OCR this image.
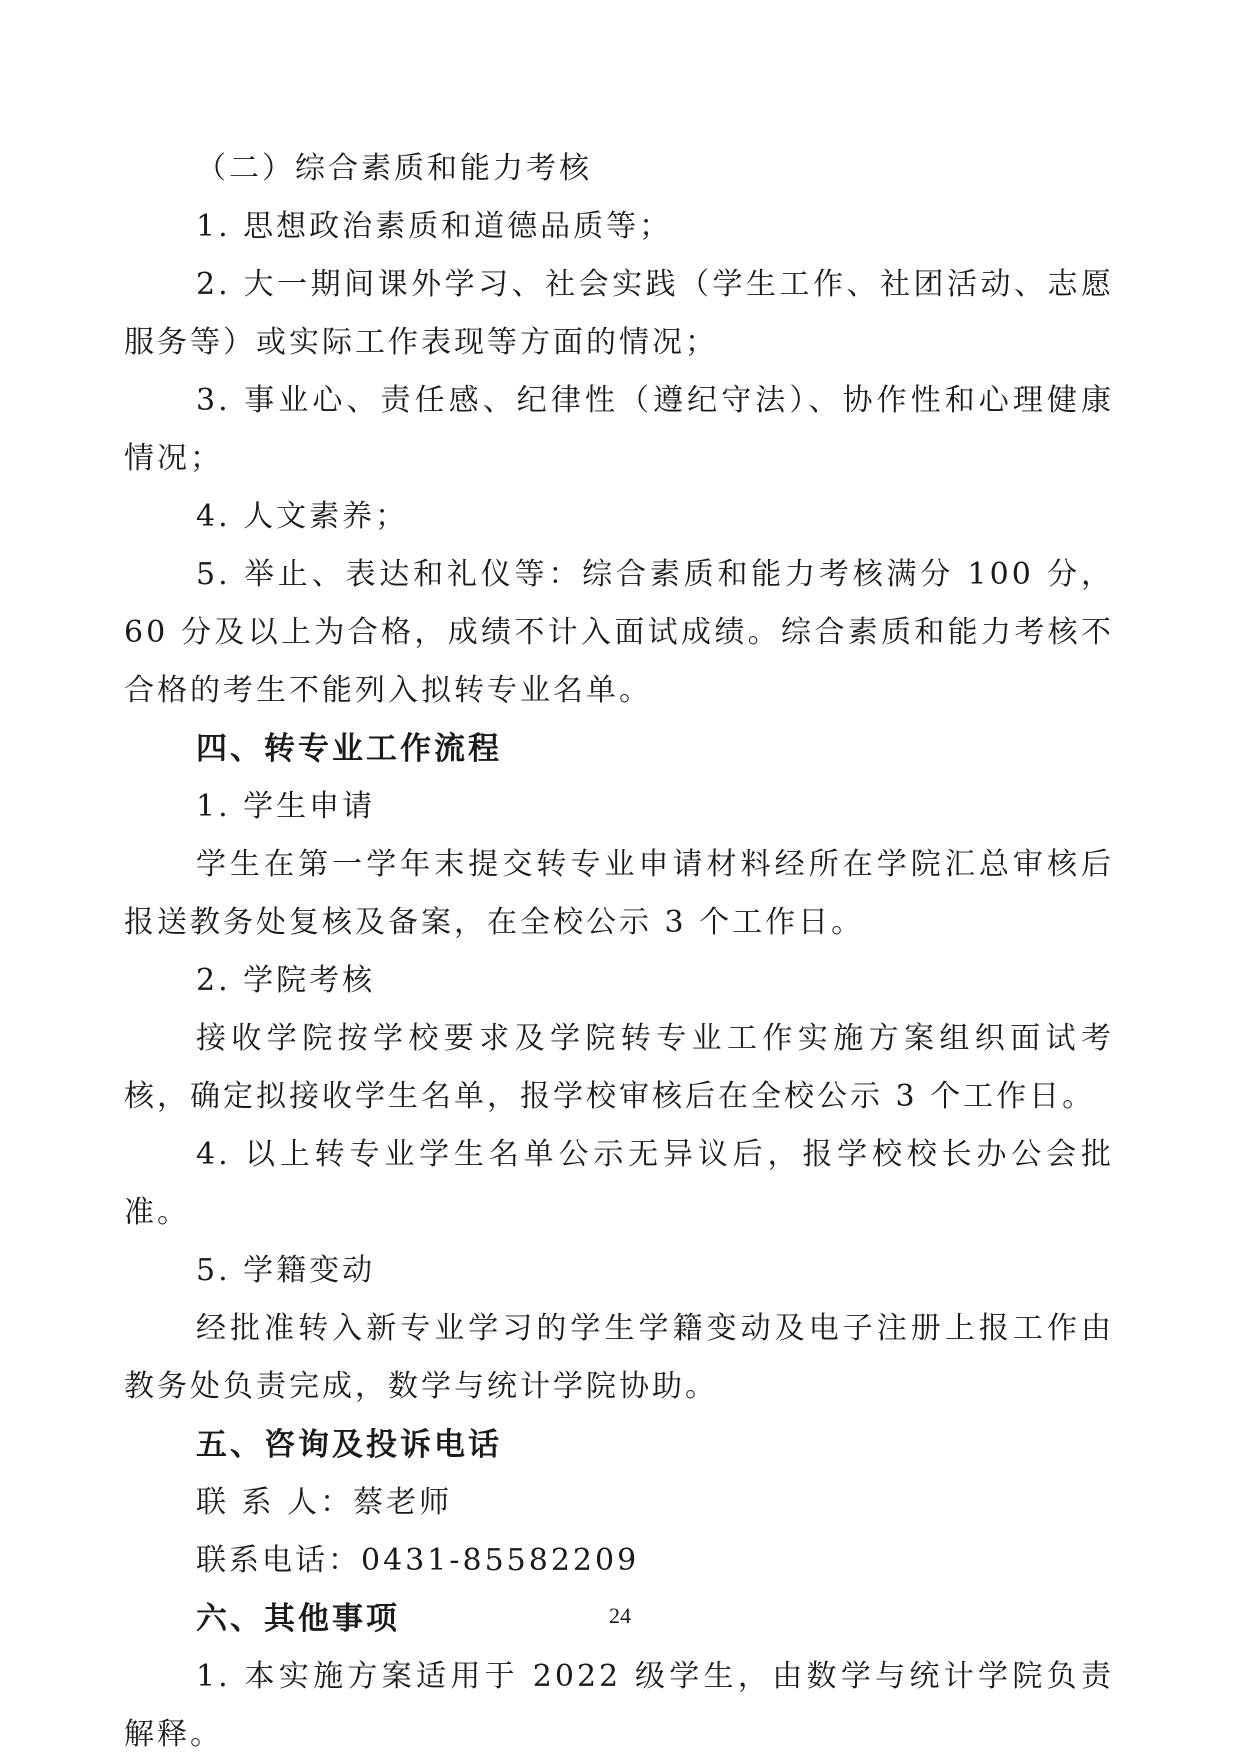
（二）综合素质和能力考核

1. 思想政治素质和道德品质等；

2. 大一期间课外学习、社会实践（学生工作、社团活动、志愿服务等）或实际工作表现等方面的情况；

3. 事业心、责任感、纪律性（遵纪守法）、协作性和心理健康情况；

4. 人文素养；

5. 举止、表达和礼仪等：综合素质和能力考核满分 100 分，60 分及以上为合格，成绩不计入面试成绩。综合素质和能力考核不合格的考生不能列入拟转专业名单。

四、转专业工作流程

1. 学生申请

学生在第一学年末提交转专业申请材料经所在学院汇总审核后报送教务处复核及备案，在全校公示 3 个工作日。

2. 学院考核

接收学院按学校要求及学院转专业工作实施方案组织面试考核，确定拟接收学生名单，报学校审核后在全校公示 3 个工作日。

4. 以上转专业学生名单公示无异议后，报学校校长办公会批准。

5. 学籍变动

经批准转入新专业学习的学生学籍变动及电子注册上报工作由教务处负责完成，数学与统计学院协助。

五、咨询及投诉电话

联 系 人：蔡老师

联系电话：0431-85582209

六、其他事项

1. 本实施方案适用于 2022 级学生，由数学与统计学院负责解释。

24
